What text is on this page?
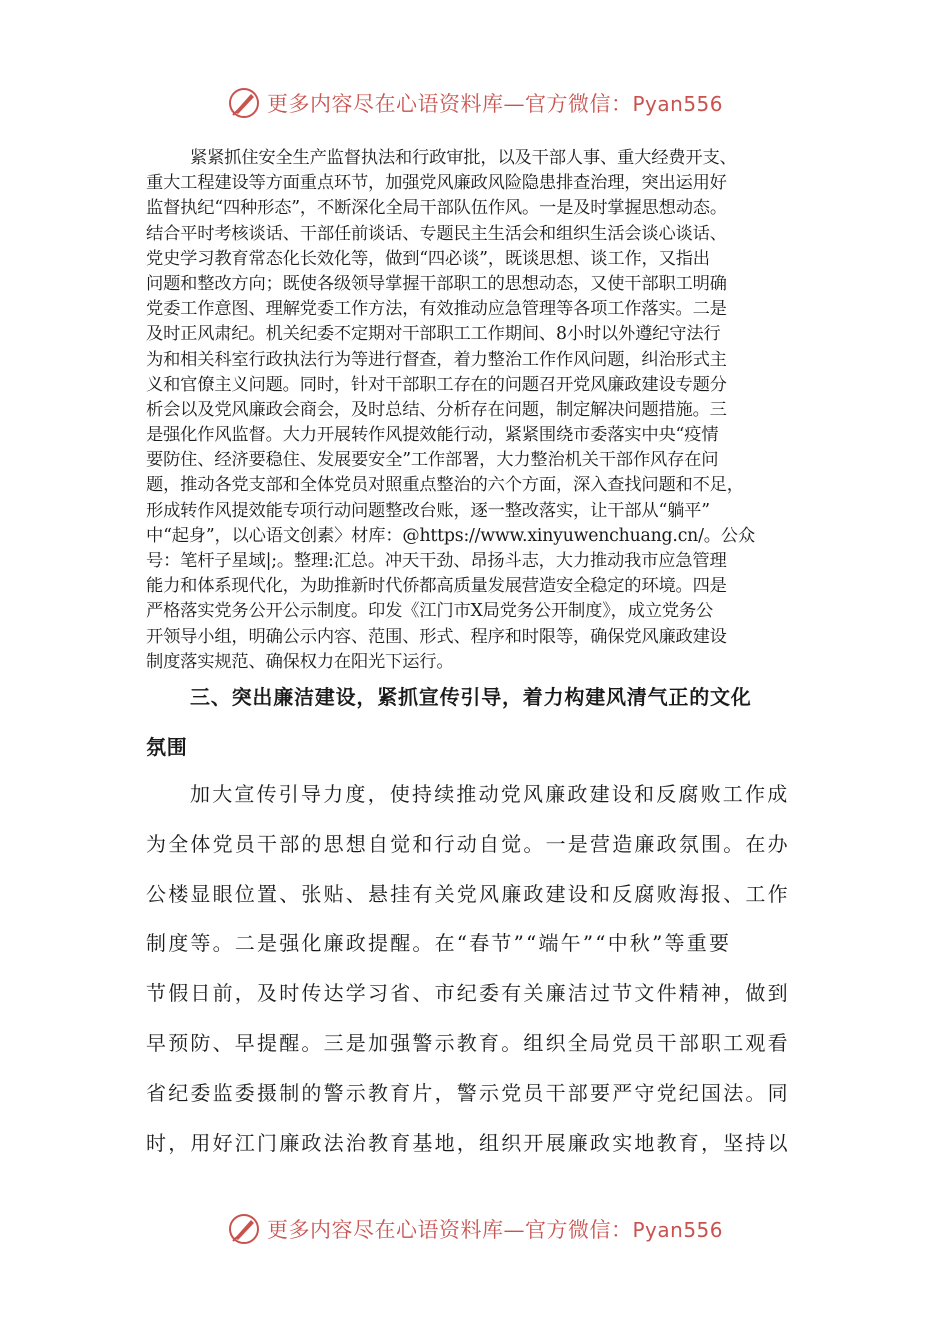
更多内容尽在心语资料库—官方微信：Pyan556
紧紧抓住安全生产监督执法和行政审批，以及干部人事、重大经费开支、
重大工程建设等方面重点环节，加强党风廉政风险隐患排查治理，突出运用好
监督执纪“四种形态”，不断深化全局干部队伍作风。一是及时掌握思想动态。
结合平时考核谈话、干部任前谈话、专题民主生活会和组织生活会谈心谈话、
党史学习教育常态化长效化等，做到“四必谈”，既谈思想、谈工作，又指出
问题和整改方向；既使各级领导掌握干部职工的思想动态，又使干部职工明确
党委工作意图、理解党委工作方法，有效推动应急管理等各项工作落实。二是
及时正风肃纪。机关纪委不定期对干部职工工作期间、8小时以外遵纪守法行
为和相关科室行政执法行为等进行督查，着力整治工作作风问题，纠治形式主
义和官僚主义问题。同时，针对干部职工存在的问题召开党风廉政建设专题分
析会以及党风廉政会商会，及时总结、分析存在问题，制定解决问题措施。三
是强化作风监督。大力开展转作风提效能行动，紧紧围绕市委落实中央“疫情
要防住、经济要稳住、发展要安全”工作部署，大力整治机关干部作风存在问
题，推动各党支部和全体党员对照重点整治的六个方面，深入查找问题和不足，
形成转作风提效能专项行动问题整改台账，逐一整改落实，让干部从“躺平”
中“起身”，以心语文创素〉材库：@https://www.xinyuwenchuang.cn/。公众
号：笔杆子星域|;。整理:汇总。冲天干劲、昂扬斗志，大力推动我市应急管理
能力和体系现代化，为助推新时代侨都高质量发展营造安全稳定的环境。四是
严格落实党务公开公示制度。印发《江门市X局党务公开制度》，成立党务公
开领导小组，明确公示内容、范围、形式、程序和时限等，确保党风廉政建设
制度落实规范、确保权力在阳光下运行。
三、突出廉洁建设，紧抓宣传引导，着力构建风清气正的文化
氛围
加大宣传引导力度，使持续推动党风廉政建设和反腐败工作成
为全体党员干部的思想自觉和行动自觉。一是营造廉政氛围。在办
公楼显眼位置、张贴、悬挂有关党风廉政建设和反腐败海报、工作
制度等。二是强化廉政提醒。在“春节”“端午”“中秋”等重要
节假日前，及时传达学习省、市纪委有关廉洁过节文件精神，做到
早预防、早提醒。三是加强警示教育。组织全局党员干部职工观看
省纪委监委摄制的警示教育片，警示党员干部要严守党纪国法。同
时，用好江门廉政法治教育基地，组织开展廉政实地教育，坚持以
更多内容尽在心语资料库—官方微信：Pyan556
